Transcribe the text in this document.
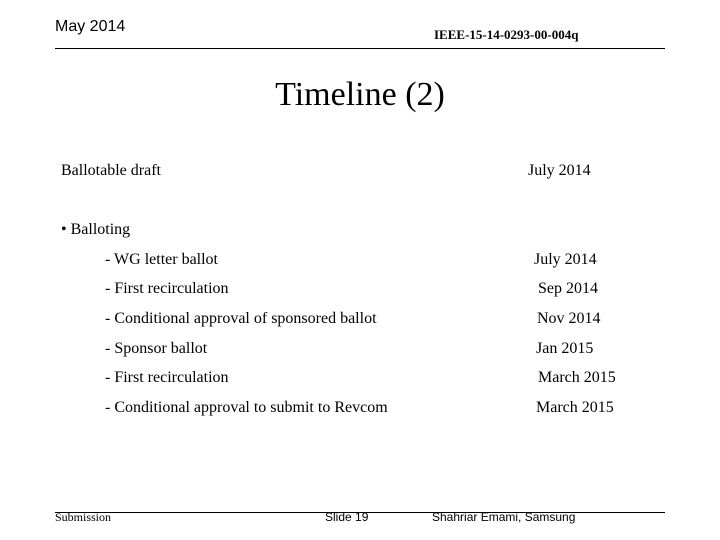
May 2014	IEEE-15-14-0293-00-004q
Timeline (2)
Ballotable draft	July 2014
• Balloting
- WG letter ballot	July 2014
- First recirculation	Sep 2014
- Conditional approval of sponsored ballot	Nov 2014
- Sponsor ballot	Jan 2015
- First recirculation	March 2015
- Conditional approval to submit to Revcom	March 2015
Submission	Slide 19	Shahriar Emami, Samsung
